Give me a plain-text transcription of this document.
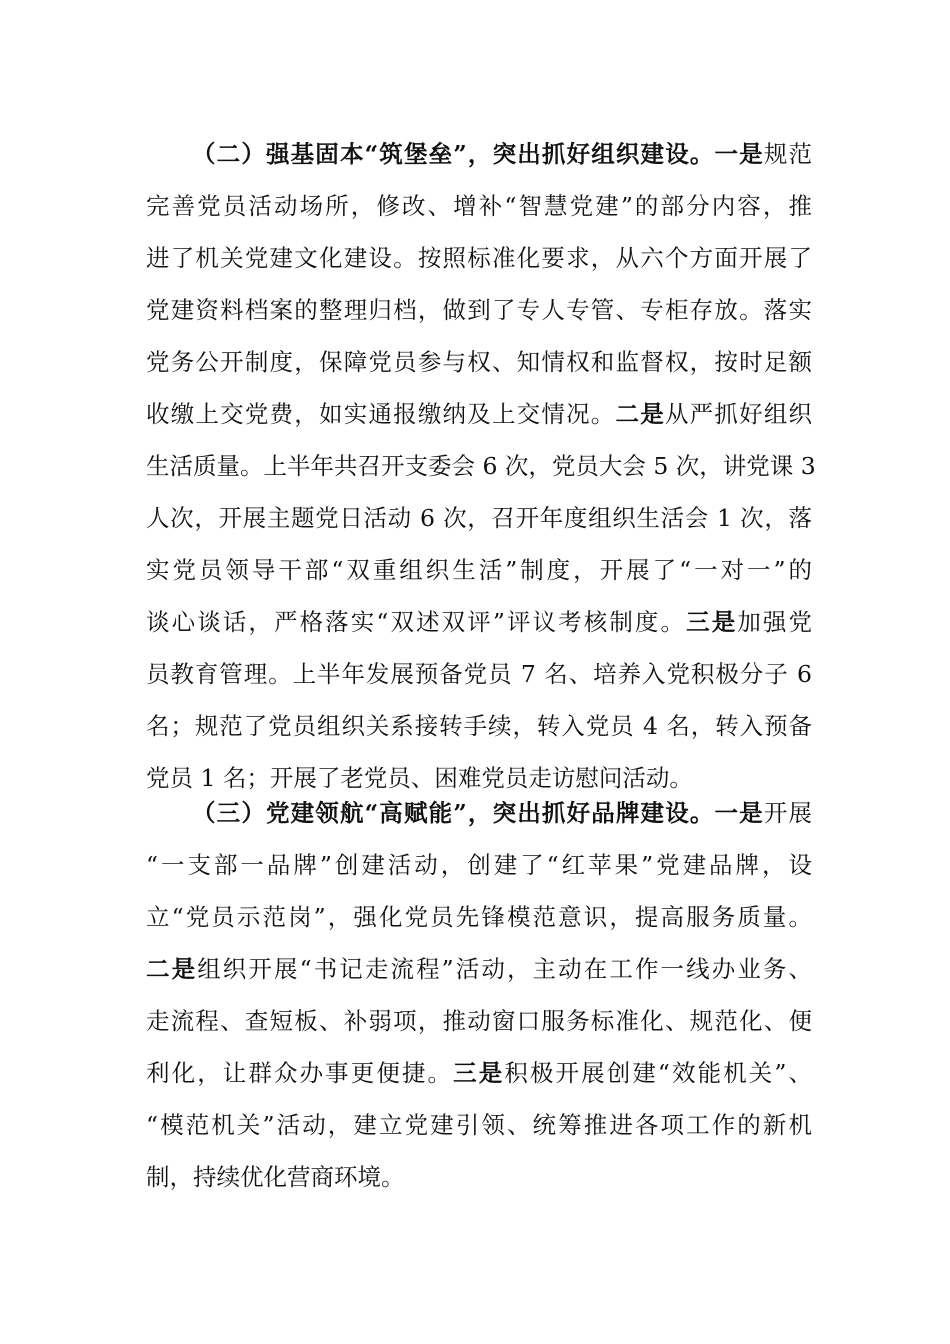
（二）强基固本“筑堡垒”，突出抓好组织建设。一是规范
完善党员活动场所，修改、增补“智慧党建”的部分内容，推
进了机关党建文化建设。按照标准化要求，从六个方面开展了
党建资料档案的整理归档，做到了专人专管、专柜存放。落实
党务公开制度，保障党员参与权、知情权和监督权，按时足额
收缴上交党费，如实通报缴纳及上交情况。二是从严抓好组织
生活质量。上半年共召开支委会 6 次，党员大会 5 次，讲党课 3
人次，开展主题党日活动 6 次，召开年度组织生活会 1 次，落
实党员领导干部“双重组织生活”制度，开展了“一对一”的
谈心谈话，严格落实“双述双评”评议考核制度。三是加强党
员教育管理。上半年发展预备党员 7 名、培养入党积极分子 6
名；规范了党员组织关系接转手续，转入党员 4 名，转入预备
党员 1 名；开展了老党员、困难党员走访慰问活动。
（三）党建领航“高赋能”，突出抓好品牌建设。一是开展
“一支部一品牌”创建活动，创建了“红苹果”党建品牌，设
立“党员示范岗”，强化党员先锋模范意识，提高服务质量。
二是组织开展“书记走流程”活动，主动在工作一线办业务、
走流程、查短板、补弱项，推动窗口服务标准化、规范化、便
利化，让群众办事更便捷。三是积极开展创建“效能机关”、
“模范机关”活动，建立党建引领、统筹推进各项工作的新机
制，持续优化营商环境。
